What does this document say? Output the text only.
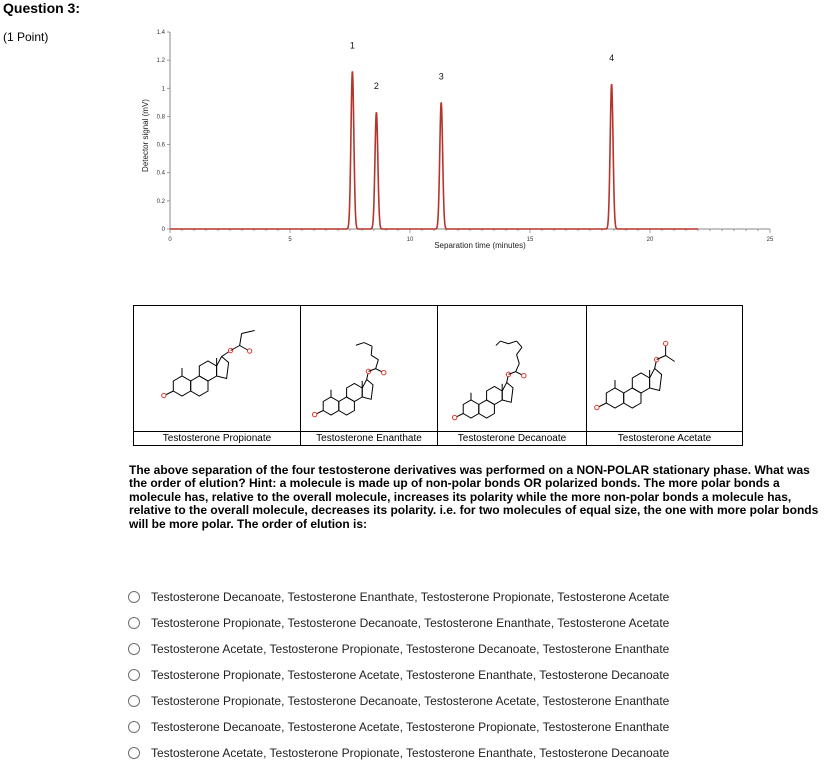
Question 3:
(1 Point)
0	5	10	15	20	25
0
0.2
0.4
0.6
0.8
1
1.2
1.4
Separation time (minutes)
Detector signal (mV)
1
2
3
4
Testosterone Propionate	Testosterone Enanthate	Testosterone Decanoate	Testosterone Acetate
The above separation of the four testosterone derivatives was performed on a NON-POLAR stationary phase. What was the order of elution? Hint: a molecule is made up of non-polar bonds OR polarized bonds. The more polar bonds a molecule has, relative to the overall molecule, increases its polarity while the more non-polar bonds a molecule has, relative to the overall molecule, decreases its polarity. i.e. for two molecules of equal size, the one with more polar bonds will be more polar. The order of elution is:
Testosterone Decanoate, Testosterone Enanthate, Testosterone Propionate, Testosterone Acetate
Testosterone Propionate, Testosterone Decanoate, Testosterone Enanthate, Testosterone Acetate
Testosterone Acetate, Testosterone Propionate, Testosterone Decanoate, Testosterone Enanthate
Testosterone Propionate, Testosterone Acetate, Testosterone Enanthate, Testosterone Decanoate
Testosterone Propionate, Testosterone Decanoate, Testosterone Acetate, Testosterone Enanthate
Testosterone Decanoate, Testosterone Acetate, Testosterone Propionate, Testosterone Enanthate
Testosterone Acetate, Testosterone Propionate, Testosterone Enanthate, Testosterone Decanoate
